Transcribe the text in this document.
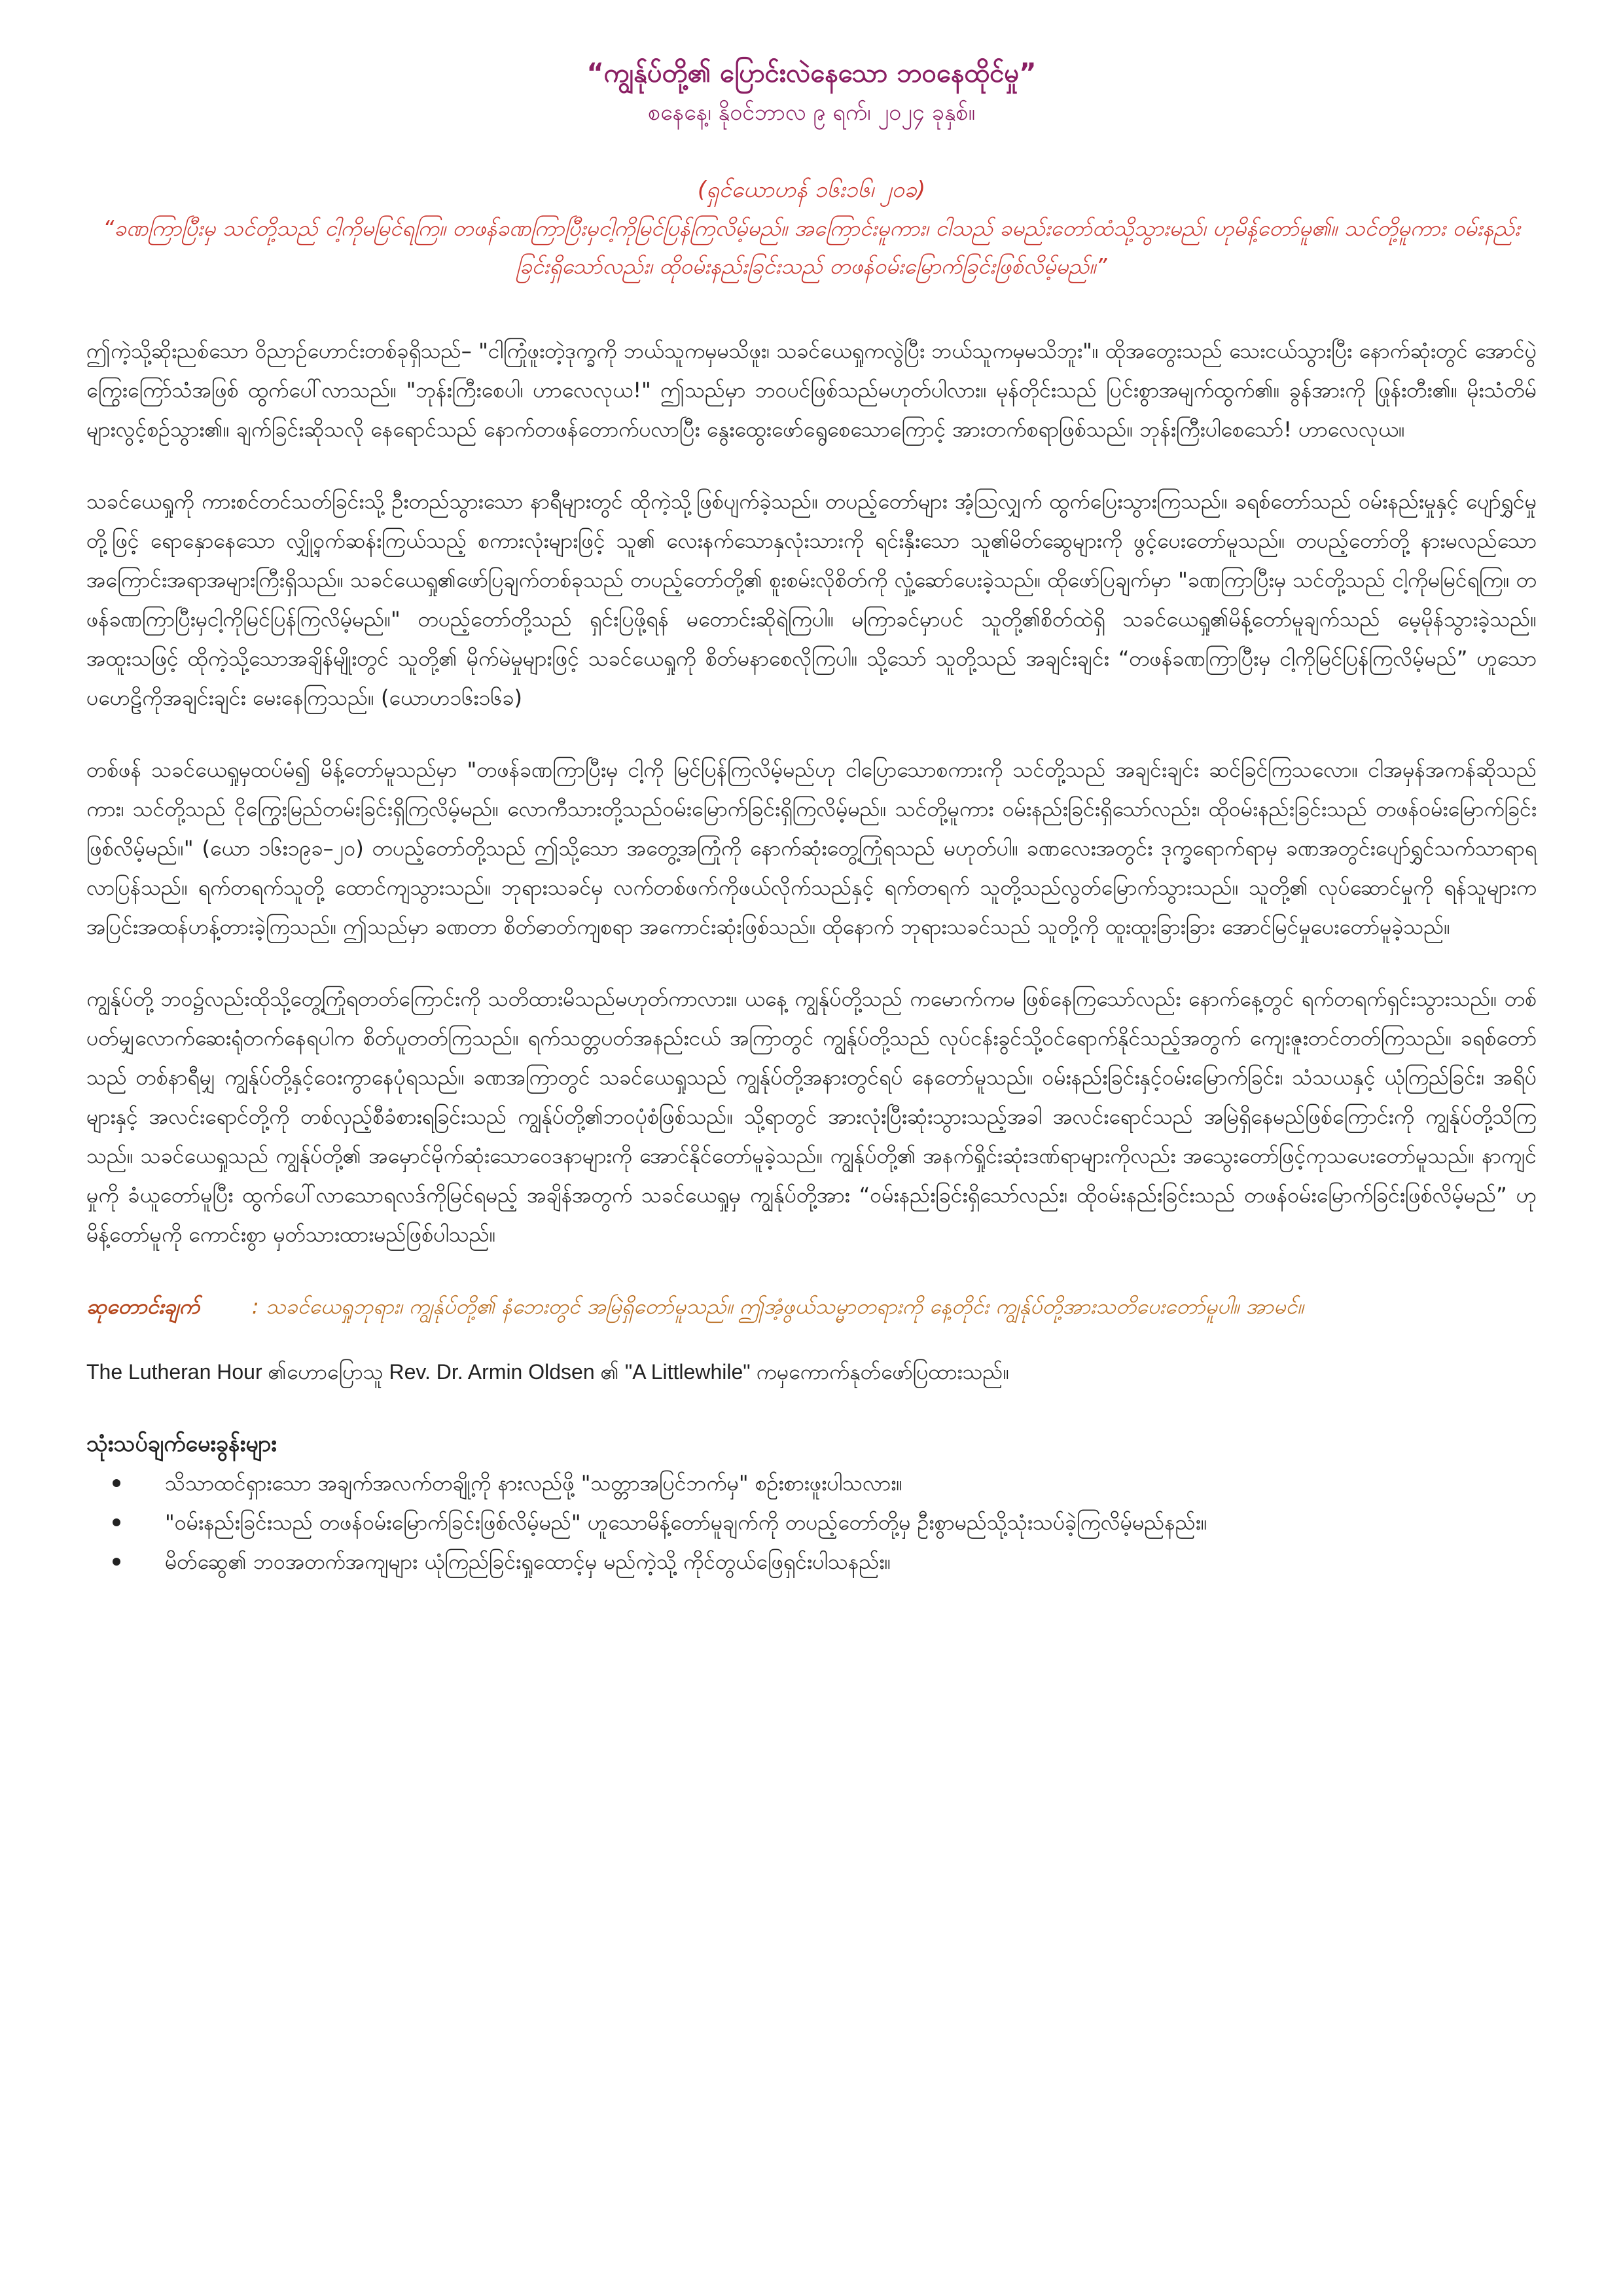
“ကျွန်ုပ်တို့၏ ပြောင်းလဲနေသော ဘဝနေထိုင်မှု”

စနေနေ့၊ နိုဝင်ဘာလ ၉ ရက်၊ ၂၀၂၄ ခုနှစ်။

(ရှင်ယောဟန် ၁၆း၁၆၊ ၂၀ခ)

“ခဏကြာပြီးမှ သင်တို့သည် ငါ့ကိုမမြင်ရကြ။ တဖန်ခဏကြာပြီးမှငါ့ကိုမြင်ပြန်ကြလိမ့်မည်။ အကြောင်းမူကား၊ ငါသည် ခမည်းတော်ထံသို့သွားမည်၊ ဟုမိန့်တော်မူ၏။ သင်တို့မူကား ဝမ်းနည်းခြင်းရှိသော်လည်း၊ ထိုဝမ်းနည်းခြင်းသည် တဖန်ဝမ်းမြောက်ခြင်းဖြစ်လိမ့်မည်။”

ဤကဲ့သို့ဆိုးညစ်သော ဝိညာဉ်ဟောင်းတစ်ခုရှိသည်– "ငါကြုံဖူးတဲ့ဒုက္ခကို ဘယ်သူကမှမသိဖူး၊ သခင်ယေရှုကလွဲပြီး ဘယ်သူကမှမသိဘူး"။ ထိုအတွေးသည် သေးငယ်သွားပြီး နောက်ဆုံးတွင် အောင်ပွဲကြွေးကြော်သံအဖြစ် ထွက်ပေါ်လာသည်။ "ဘုန်းကြီးစေပါ၊ ဟာလေလုယ!" ဤသည်မှာ ဘဝပင်ဖြစ်သည်မဟုတ်ပါလား။ မုန်တိုင်းသည် ပြင်းစွာအမျက်ထွက်၏။ ခွန်အားကို ဖြုန်းတီး၏။ မိုးသံတိမ်များလွင့်စဉ်သွား၏။ ချက်ခြင်းဆိုသလို နေရောင်သည် နောက်တဖန်တောက်ပလာပြီး နွေးထွေးဖော်ရွေစေသောကြောင့် အားတက်စရာဖြစ်သည်။ ဘုန်းကြီးပါစေသော်! ဟာလေလုယ။

သခင်ယေရှုကို ကားစင်တင်သတ်ခြင်းသို့ ဦးတည်သွားသော နာရီများတွင် ထိုကဲ့သို့ဖြစ်ပျက်ခဲ့သည်။ တပည့်တော်များ အံ့သြလျှက် ထွက်ပြေးသွားကြသည်။ ခရစ်တော်သည် ဝမ်းနည်းမှုနှင့် ပျော်ရွှင်မှုတို့ဖြင့် ရောနှောနေသော လျှို့ဝှက်ဆန်းကြယ်သည့် စကားလုံးများဖြင့် သူ၏ လေးနက်သောနှလုံးသားကို ရင်းနှီးသော သူ၏မိတ်ဆွေများကို ဖွင့်ပေးတော်မူသည်။ တပည့်တော်တို့ နားမလည်သောအကြောင်းအရာအများကြီးရှိသည်။ သခင်ယေရှု၏ဖော်ပြချက်တစ်ခုသည် တပည့်တော်တို့၏ စူးစမ်းလိုစိတ်ကို လှုံ့ဆော်ပေးခဲ့သည်။ ထိုဖော်ပြချက်မှာ "ခဏကြာပြီးမှ သင်တို့သည် ငါ့ကိုမမြင်ရကြ။ တဖန်ခဏကြာပြီးမှငါ့ကိုမြင်ပြန်ကြလိမ့်မည်။" တပည့်တော်တို့သည် ရှင်းပြဖို့ရန် မတောင်းဆိုရဲကြပါ။ မကြာခင်မှာပင် သူတို့၏စိတ်ထဲရှိ သခင်ယေရှု၏မိန့်တော်မူချက်သည် မေ့မိုန်သွားခဲ့သည်။ အထူးသဖြင့် ထိုကဲ့သို့သောအချိန်မျိုးတွင် သူတို့၏ မိုက်မဲမှုများဖြင့် သခင်ယေရှုကို စိတ်မနာစေလိုကြပါ။ သို့သော် သူတို့သည် အချင်းချင်း “တဖန်ခဏကြာပြီးမှ ငါ့ကိုမြင်ပြန်ကြလိမ့်မည်” ဟူသော ပဟေဠိကိုအချင်းချင်း မေးနေကြသည်။ (ယောဟ၁၆း၁၆ခ)

တစ်ဖန် သခင်ယေရှုမှထပ်မံ၍ မိန့်တော်မူသည်မှာ "တဖန်ခဏကြာပြီးမှ ငါ့ကို မြင်ပြန်ကြလိမ့်မည်ဟု ငါပြောသောစကားကို သင်တို့သည် အချင်းချင်း ဆင်ခြင်ကြသလော။ ငါအမှန်အကန်ဆိုသည်ကား၊ သင်တို့သည် ငိုကြွေးမြည်တမ်းခြင်းရှိကြလိမ့်မည်။ လောကီသားတို့သည်ဝမ်းမြောက်ခြင်းရှိကြလိမ့်မည်။ သင်တို့မူကား ဝမ်းနည်းခြင်းရှိသော်လည်း၊ ထိုဝမ်းနည်းခြင်းသည် တဖန်ဝမ်းမြောက်ခြင်းဖြစ်လိမ့်မည်။" (ယော ၁၆း၁၉ခ–၂၀) တပည့်တော်တို့သည် ဤသို့သော အတွေ့အကြုံကို နောက်ဆုံးတွေ့ကြုံရသည် မဟုတ်ပါ။ ခဏလေးအတွင်း ဒုက္ခရောက်ရာမှ ခဏအတွင်းပျော်ရွှင်သက်သာရာရလာပြန်သည်။ ရက်တရက်သူတို့ ထောင်ကျသွားသည်။ ဘုရားသခင်မှ လက်တစ်ဖက်ကိုဖယ်လိုက်သည်နှင့် ရက်တရက် သူတို့သည်လွတ်မြောက်သွားသည်။ သူတို့၏ လုပ်ဆောင်မှုကို ရန်သူများက အပြင်းအထန်ဟန့်တားခဲ့ကြသည်။ ဤသည်မှာ ခဏတာ စိတ်ဓာတ်ကျစရာ အကောင်းဆုံးဖြစ်သည်။ ထိုနောက် ဘုရားသခင်သည် သူတို့ကို ထူးထူးခြားခြား အောင်မြင်မှုပေးတော်မူခဲ့သည်။

ကျွန်ုပ်တို့ ဘဝ၌လည်းထိုသို့တွေ့ကြုံရတတ်ကြောင်းကို သတိထားမိသည်မဟုတ်ကာလား။ ယနေ့ ကျွန်ုပ်တို့သည် ကမောက်ကမ ဖြစ်နေကြသော်လည်း နောက်နေ့တွင် ရက်တရက်ရှင်းသွားသည်။ တစ်ပတ်မျှလောက်ဆေးရုံတက်နေရပါက စိတ်ပူတတ်ကြသည်။ ရက်သတ္တပတ်အနည်းငယ် အကြာတွင် ကျွန်ုပ်တို့သည် လုပ်ငန်းခွင်သို့ဝင်ရောက်နိုင်သည့်အတွက် ကျေးဇူးတင်တတ်ကြသည်။ ခရစ်တော်သည် တစ်နာရီမျှ ကျွန်ုပ်တို့နှင့်ဝေးကွာနေပုံရသည်။ ခဏအကြာတွင် သခင်ယေရှုသည် ကျွန်ုပ်တို့အနားတွင်ရပ် နေတော်မူသည်။ ဝမ်းနည်းခြင်းနှင့်ဝမ်းမြောက်ခြင်း၊ သံသယနှင့် ယုံကြည်ခြင်း၊ အရိပ်များနှင့် အလင်းရောင်တို့ကို တစ်လှည့်စီခံစားရခြင်းသည် ကျွန်ုပ်တို့၏ဘဝပုံစံဖြစ်သည်။ သို့ရာတွင် အားလုံးပြီးဆုံးသွားသည့်အခါ အလင်းရောင်သည် အမြဲရှိနေမည်ဖြစ်ကြောင်းကို ကျွန်ုပ်တို့သိကြသည်။ သခင်ယေရှုသည် ကျွန်ုပ်တို့၏ အမှောင်မိုက်ဆုံးသောဝေဒနာများကို အောင်နိုင်တော်မူခဲ့သည်။ ကျွန်ုပ်တို့၏ အနက်ရှိုင်းဆုံးဒဏ်ရာများကိုလည်း အသွေးတော်ဖြင့်ကုသပေးတော်မူသည်။ နာကျင်မှုကို ခံယူတော်မူပြီး ထွက်ပေါ်လာသောရလဒ်ကိုမြင်ရမည့် အချိန်အတွက် သခင်ယေရှုမှ ကျွန်ုပ်တို့အား “ဝမ်းနည်းခြင်းရှိသော်လည်း၊ ထိုဝမ်းနည်းခြင်းသည် တဖန်ဝမ်းမြောက်ခြင်းဖြစ်လိမ့်မည်” ဟုမိန့်တော်မူကို ကောင်းစွာ မှတ်သားထားမည်ဖြစ်ပါသည်။

ဆုတောင်းချက်	: သခင်ယေရှုဘုရား၊ ကျွန်ုပ်တို့၏ နံဘေးတွင် အမြဲရှိတော်မူသည်။ ဤအံ့ဖွယ်သမ္မာတရားကို နေ့တိုင်း ကျွန်ုပ်တို့အားသတိပေးတော်မူပါ။ အာမင်။

The Lutheran Hour ၏ဟောပြောသူ Rev. Dr. Armin Oldsen ၏ "A Littlewhile" ကမှကောက်နုတ်ဖော်ပြထားသည်။

သုံးသပ်ချက်မေးခွန်းများ
သိသာထင်ရှားသော အချက်အလက်တချို့ကို နားလည်ဖို့ "သတ္တာအပြင်ဘက်မှ" စဉ်းစားဖူးပါသလား။
"ဝမ်းနည်းခြင်းသည် တဖန်ဝမ်းမြောက်ခြင်းဖြစ်လိမ့်မည်" ဟူသောမိန့်တော်မူချက်ကို တပည့်တော်တို့မှ ဦးစွာမည်သို့သုံးသပ်ခဲ့ကြလိမ့်မည်နည်း။
မိတ်ဆွေ၏ ဘဝအတက်အကျများ ယုံကြည်ခြင်းရှုထောင့်မှ မည်ကဲ့သို့ ကိုင်တွယ်ဖြေရှင်းပါသနည်း။
